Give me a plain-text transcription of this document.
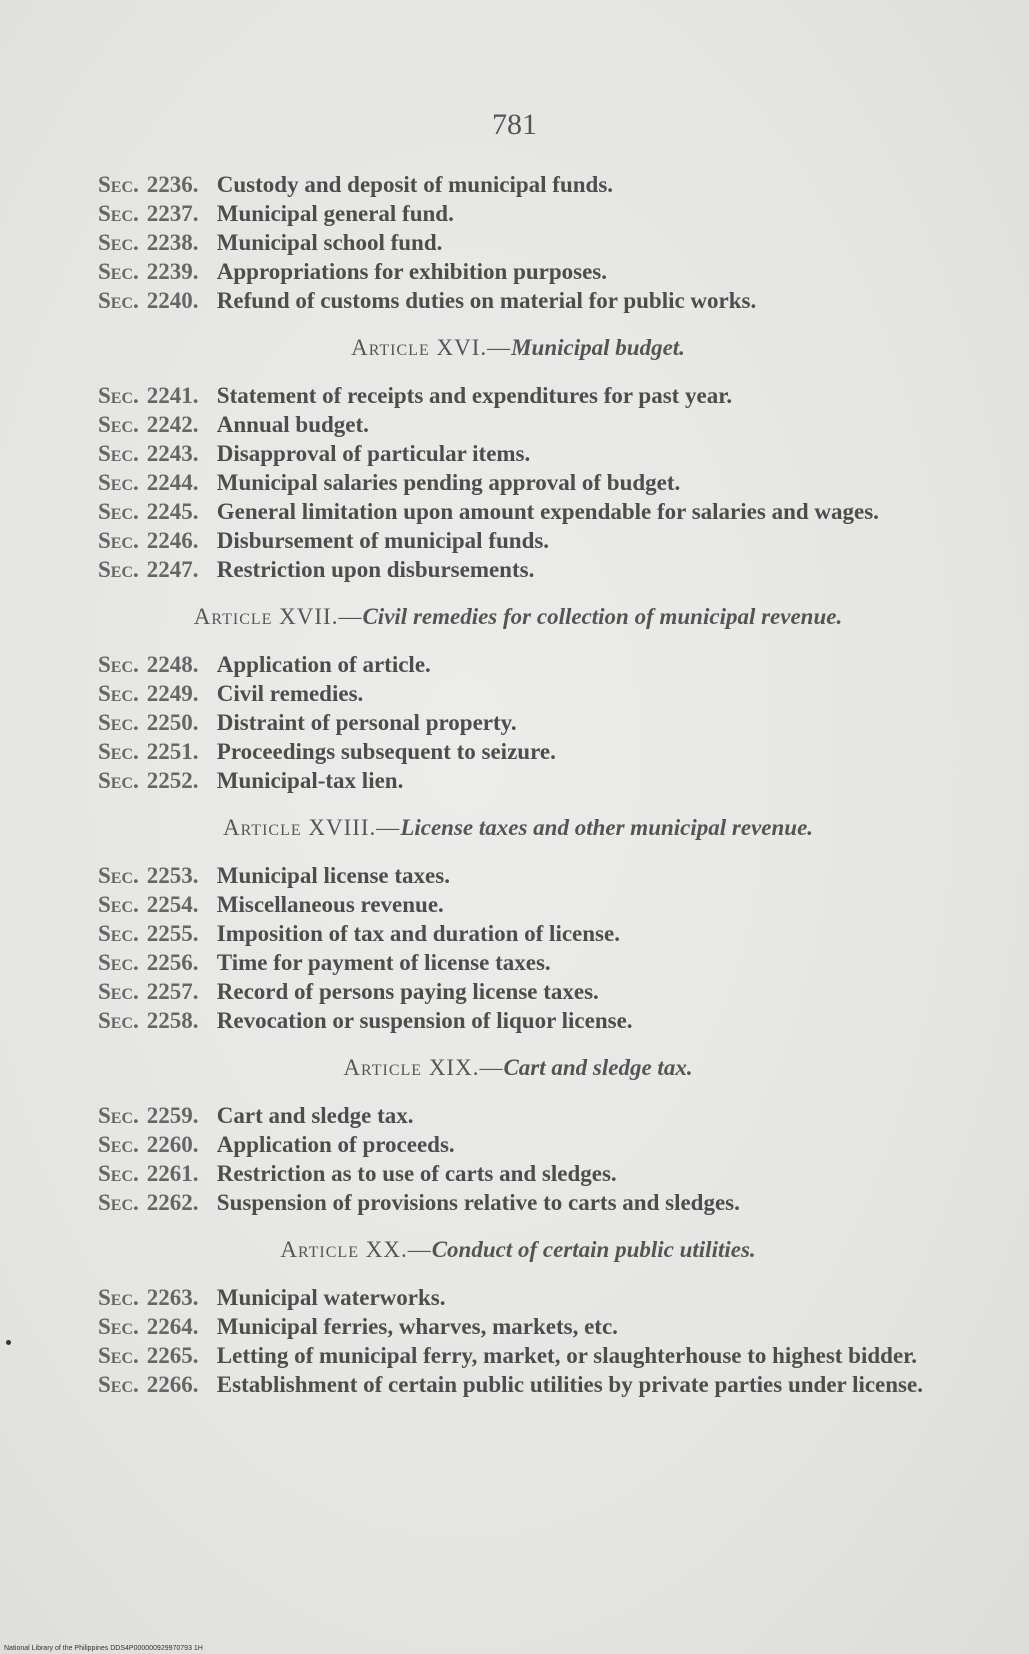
781
Sec. 2236. Custody and deposit of municipal funds.
Sec. 2237. Municipal general fund.
Sec. 2238. Municipal school fund.
Sec. 2239. Appropriations for exhibition purposes.
Sec. 2240. Refund of customs duties on material for public works.
Article XVI.—Municipal budget.
Sec. 2241. Statement of receipts and expenditures for past year.
Sec. 2242. Annual budget.
Sec. 2243. Disapproval of particular items.
Sec. 2244. Municipal salaries pending approval of budget.
Sec. 2245. General limitation upon amount expendable for salaries and wages.
Sec. 2246. Disbursement of municipal funds.
Sec. 2247. Restriction upon disbursements.
Article XVII.—Civil remedies for collection of municipal revenue.
Sec. 2248. Application of article.
Sec. 2249. Civil remedies.
Sec. 2250. Distraint of personal property.
Sec. 2251. Proceedings subsequent to seizure.
Sec. 2252. Municipal-tax lien.
Article XVIII.—License taxes and other municipal revenue.
Sec. 2253. Municipal license taxes.
Sec. 2254. Miscellaneous revenue.
Sec. 2255. Imposition of tax and duration of license.
Sec. 2256. Time for payment of license taxes.
Sec. 2257. Record of persons paying license taxes.
Sec. 2258. Revocation or suspension of liquor license.
Article XIX.—Cart and sledge tax.
Sec. 2259. Cart and sledge tax.
Sec. 2260. Application of proceeds.
Sec. 2261. Restriction as to use of carts and sledges.
Sec. 2262. Suspension of provisions relative to carts and sledges.
Article XX.—Conduct of certain public utilities.
Sec. 2263. Municipal waterworks.
Sec. 2264. Municipal ferries, wharves, markets, etc.
Sec. 2265. Letting of municipal ferry, market, or slaughterhouse to highest bidder.
Sec. 2266. Establishment of certain public utilities by private parties under license.
National Library of the Philippines DDS4P000000929970793 1H
